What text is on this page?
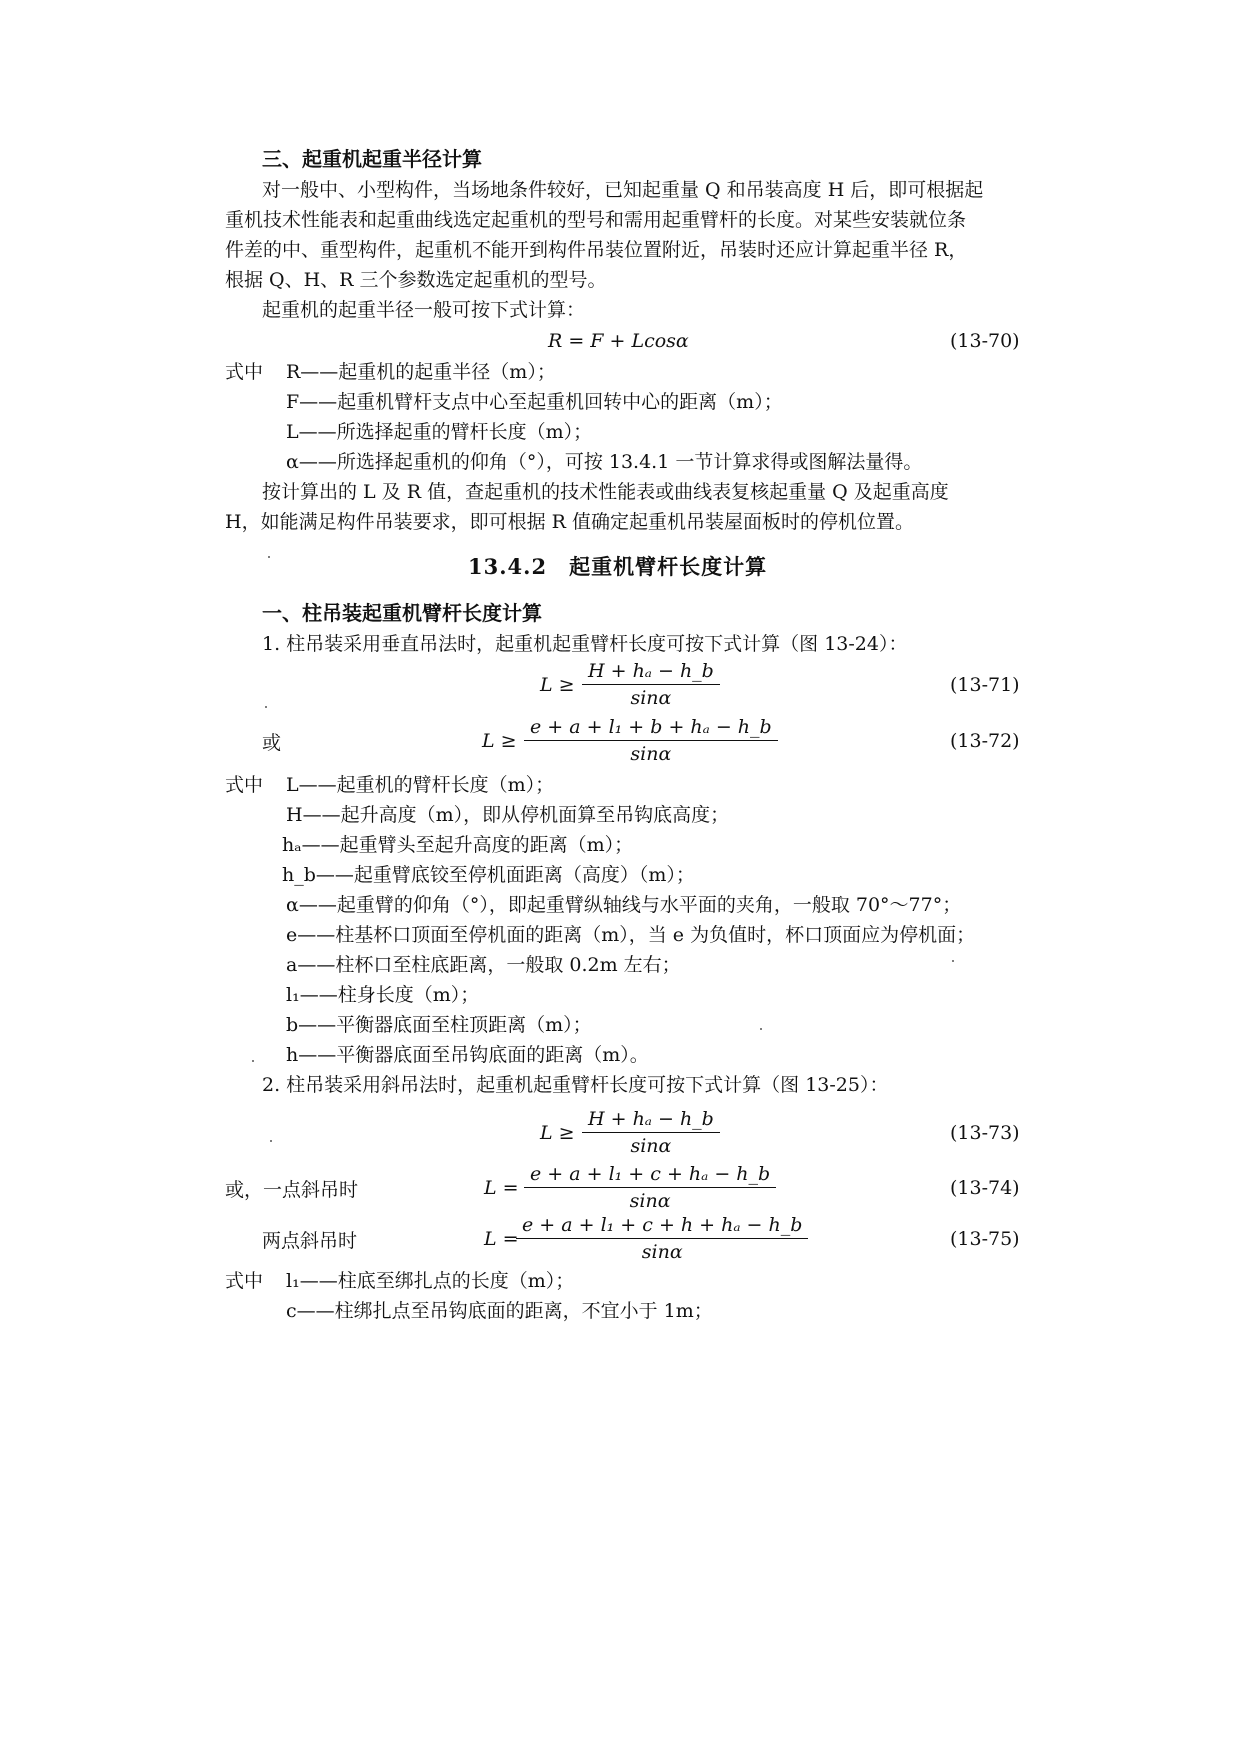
三、起重机起重半径计算
对一般中、小型构件，当场地条件较好，已知起重量 Q 和吊装高度 H 后，即可根据起
重机技术性能表和起重曲线选定起重机的型号和需用起重臂杆的长度。对某些安装就位条
件差的中、重型构件，起重机不能开到构件吊装位置附近，吊装时还应计算起重半径 R，
根据 Q、H、R 三个参数选定起重机的型号。
起重机的起重半径一般可按下式计算：
R = F + Lcosα	(13-70)
式中 R——起重机的起重半径（m）；
F——起重机臂杆支点中心至起重机回转中心的距离（m）；
L——所选择起重的臂杆长度（m）；
α——所选择起重机的仰角（°），可按 13.4.1 一节计算求得或图解法量得。
按计算出的 L 及 R 值，查起重机的技术性能表或曲线表复核起重量 Q 及起重高度
H，如能满足构件吊装要求，即可根据 R 值确定起重机吊装屋面板时的停机位置。
13.4.2　起重机臂杆长度计算
一、柱吊装起重机臂杆长度计算
1. 柱吊装采用垂直吊法时，起重机起重臂杆长度可按下式计算（图 13-24）：
$L \ge \frac{\text{H + hₐ − h\_b}}{\sin\alpha}$	(13-71)
或	$L \ge \frac{\text{e + a + l₁ + b + hₐ − h\_b}}{\sin\alpha}$	(13-72)
式中 L——起重机的臂杆长度（m）；
H——起升高度（m），即从停机面算至吊钩底高度；
hₐ——起重臂头至起升高度的距离（m）；
h_b——起重臂底铰至停机面距离（高度）（m）；
α——起重臂的仰角（°），即起重臂纵轴线与水平面的夹角，一般取 70°～77°；
e——柱基杯口顶面至停机面的距离（m），当 e 为负值时，杯口顶面应为停机面；
a——柱杯口至柱底距离，一般取 0.2m 左右；
l₁——柱身长度（m）；
b——平衡器底面至柱顶距离（m）；
h——平衡器底面至吊钩底面的距离（m）。
2. 柱吊装采用斜吊法时，起重机起重臂杆长度可按下式计算（图 13-25）：
$L \ge \frac{\text{H + hₐ − h\_b}}{\sin\alpha}$	(13-73)
或，一点斜吊时	$L = \frac{\text{e + a + l₁ + c + hₐ − h\_b}}{\sin\alpha}$	(13-74)
两点斜吊时	L =
$\frac{\text{e + a + l₁ + c + h + hₐ − h\_b}}{\sin\alpha}$	(13-75)
式中 l₁——柱底至绑扎点的长度（m）；
c——柱绑扎点至吊钩底面的距离，不宜小于 1m；
